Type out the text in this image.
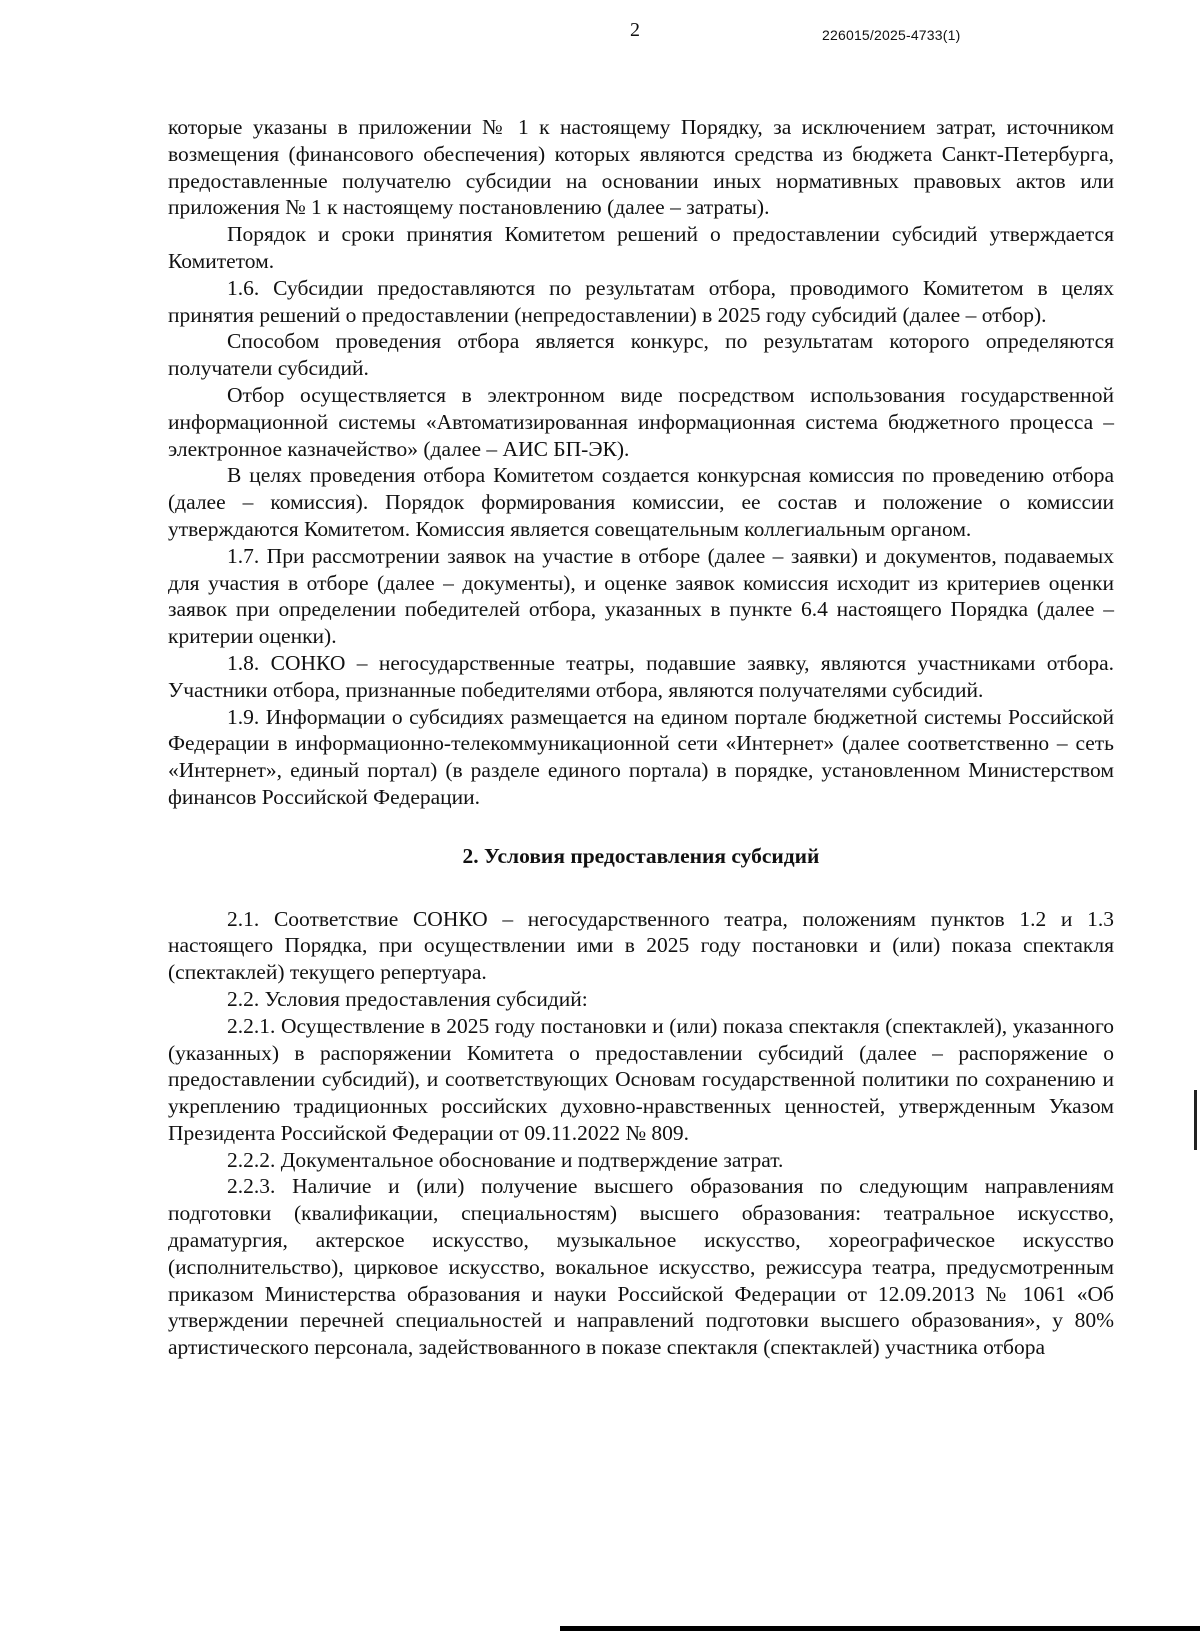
2	226015/2025-4733(1)

которые указаны в приложении № 1 к настоящему Порядку, за исключением затрат, источником возмещения (финансового обеспечения) которых являются средства из бюджета Санкт-Петербурга, предоставленные получателю субсидии на основании иных нормативных правовых актов или приложения № 1 к настоящему постановлению (далее – затраты).

Порядок и сроки принятия Комитетом решений о предоставлении субсидий утверждается Комитетом.

1.6. Субсидии предоставляются по результатам отбора, проводимого Комитетом в целях принятия решений о предоставлении (непредоставлении) в 2025 году субсидий (далее – отбор).

Способом проведения отбора является конкурс, по результатам которого определяются получатели субсидий.

Отбор осуществляется в электронном виде посредством использования государственной информационной системы «Автоматизированная информационная система бюджетного процесса – электронное казначейство» (далее – АИС БП-ЭК).

В целях проведения отбора Комитетом создается конкурсная комиссия по проведению отбора (далее – комиссия). Порядок формирования комиссии, ее состав и положение о комиссии утверждаются Комитетом. Комиссия является совещательным коллегиальным органом.

1.7. При рассмотрении заявок на участие в отборе (далее – заявки) и документов, подаваемых для участия в отборе (далее – документы), и оценке заявок комиссия исходит из критериев оценки заявок при определении победителей отбора, указанных в пункте 6.4 настоящего Порядка (далее – критерии оценки).

1.8. СОНКО – негосударственные театры, подавшие заявку, являются участниками отбора. Участники отбора, признанные победителями отбора, являются получателями субсидий.

1.9. Информации о субсидиях размещается на едином портале бюджетной системы Российской Федерации в информационно-телекоммуникационной сети «Интернет» (далее соответственно – сеть «Интернет», единый портал) (в разделе единого портала) в порядке, установленном Министерством финансов Российской Федерации.

2. Условия предоставления субсидий

2.1. Соответствие СОНКО – негосударственного театра, положениям пунктов 1.2 и 1.3 настоящего Порядка, при осуществлении ими в 2025 году постановки и (или) показа спектакля (спектаклей) текущего репертуара.

2.2. Условия предоставления субсидий:

2.2.1. Осуществление в 2025 году постановки и (или) показа спектакля (спектаклей), указанного (указанных) в распоряжении Комитета о предоставлении субсидий (далее – распоряжение о предоставлении субсидий), и соответствующих Основам государственной политики по сохранению и укреплению традиционных российских духовно-нравственных ценностей, утвержденным Указом Президента Российской Федерации от 09.11.2022 № 809.

2.2.2. Документальное обоснование и подтверждение затрат.

2.2.3. Наличие и (или) получение высшего образования по следующим направлениям подготовки (квалификации, специальностям) высшего образования: театральное искусство, драматургия, актерское искусство, музыкальное искусство, хореографическое искусство (исполнительство), цирковое искусство, вокальное искусство, режиссура театра, предусмотренным приказом Министерства образования и науки Российской Федерации от 12.09.2013 № 1061 «Об утверждении перечней специальностей и направлений подготовки высшего образования», у 80% артистического персонала, задействованного в показе спектакля (спектаклей) участника отбора
